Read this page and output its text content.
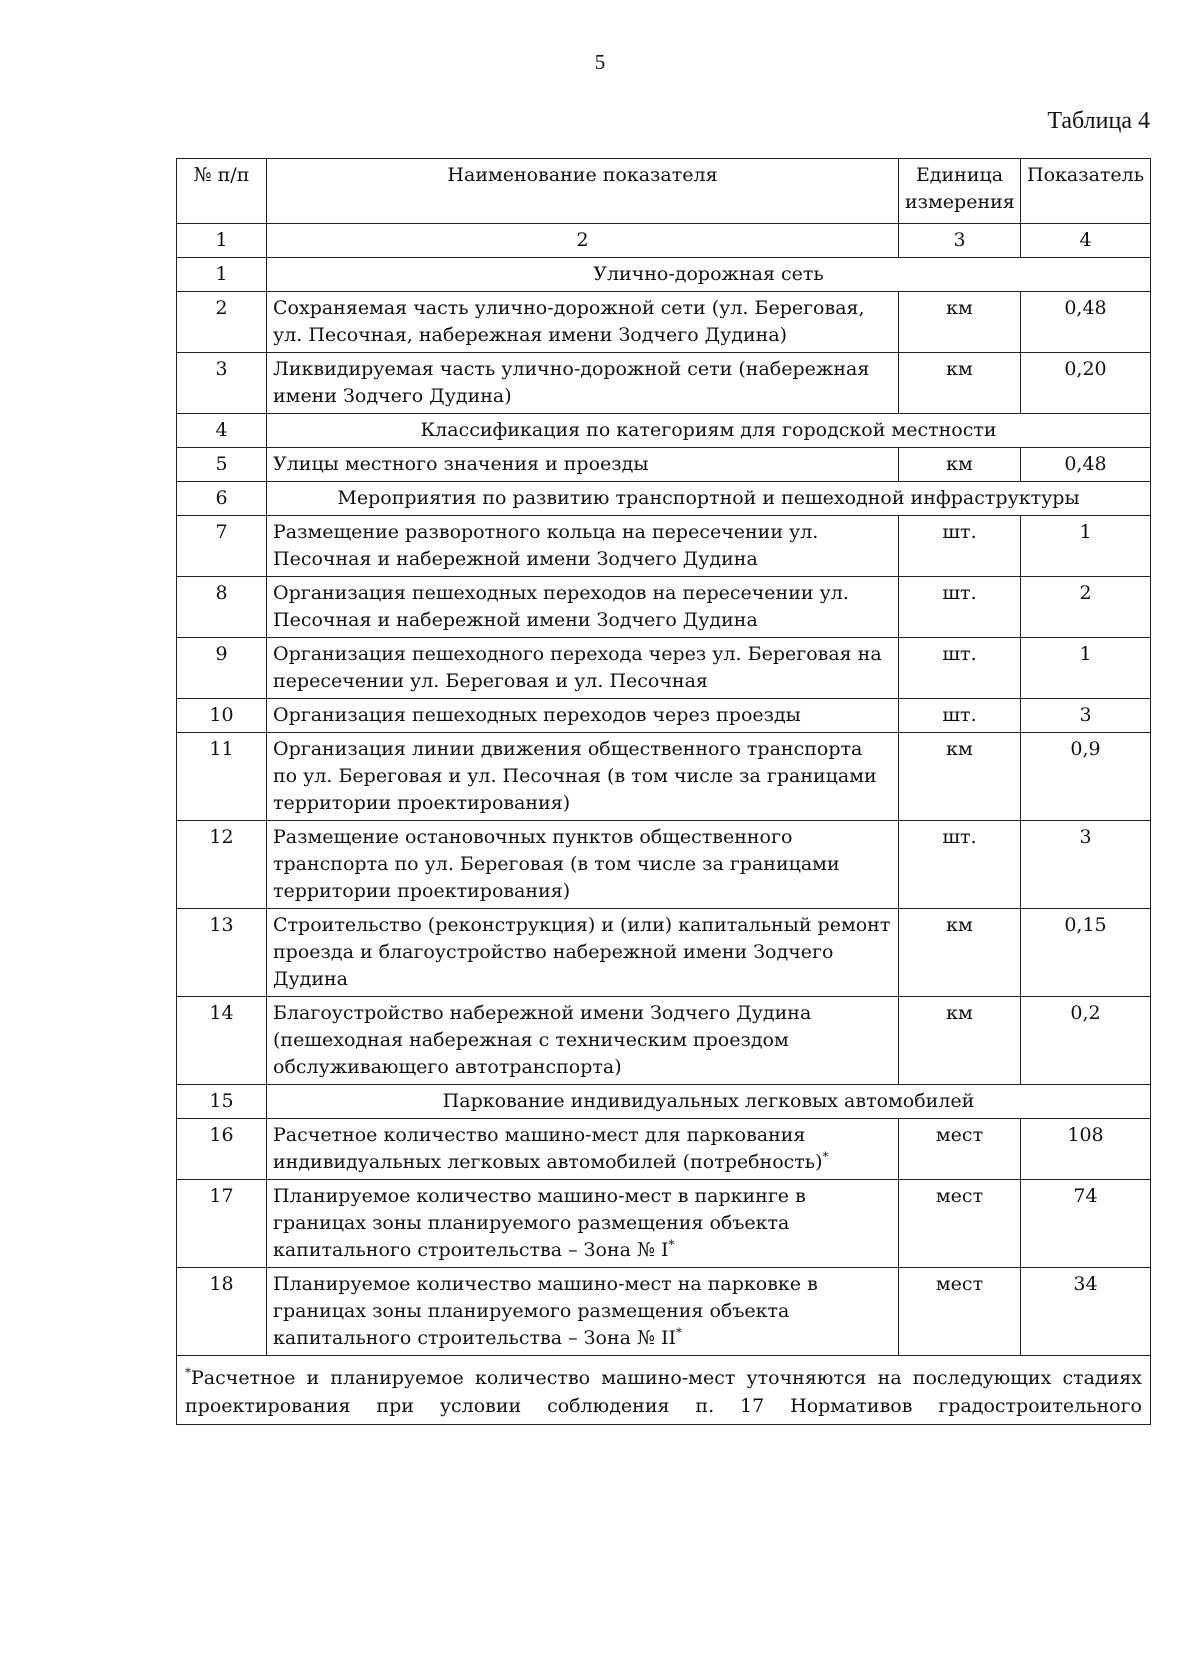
5
Таблица 4
№ п/п	Наименование показателя	Единица измерения	Показатель
1	2	3	4
1	Улично-дорожная сеть		
2	Сохраняемая часть улично-дорожной сети (ул. Береговая, ул. Песочная, набережная имени Зодчего Дудина)	км	0,48
3	Ликвидируемая часть улично-дорожной сети (набережная имени Зодчего Дудина)	км	0,20
4	Классификация по категориям для городской местности		
5	Улицы местного значения и проезды	км	0,48
6	Мероприятия по развитию транспортной и пешеходной инфраструктуры		
7	Размещение разворотного кольца на пересечении ул. Песочная и набережной имени Зодчего Дудина	шт.	1
8	Организация пешеходных переходов на пересечении ул. Песочная и набережной имени Зодчего Дудина	шт.	2
9	Организация пешеходного перехода через ул. Береговая на пересечении ул. Береговая и ул. Песочная	шт.	1
10	Организация пешеходных переходов через проезды	шт.	3
11	Организация линии движения общественного транспорта по ул. Береговая и ул. Песочная (в том числе за границами территории проектирования)	км	0,9
12	Размещение остановочных пунктов общественного транспорта по ул. Береговая (в том числе за границами территории проектирования)	шт.	3
13	Строительство (реконструкция) и (или) капитальный ремонт проезда и благоустройство набережной имени Зодчего Дудина	км	0,15
14	Благоустройство набережной имени Зодчего Дудина (пешеходная набережная с техническим проездом обслуживающего автотранспорта)	км	0,2
15	Паркование индивидуальных легковых автомобилей		
16	Расчетное количество машино-мест для паркования индивидуальных легковых автомобилей (потребность)*	мест	108
17	Планируемое количество машино-мест в паркинге в границах зоны планируемого размещения объекта капитального строительства – Зона № I*	мест	74
18	Планируемое количество машино-мест на парковке в границах зоны планируемого размещения объекта капитального строительства – Зона № II*	мест	34
*Расчетное и планируемое количество машино-мест уточняются на последующих стадиях проектирования при условии соблюдения п. 17 Нормативов градостроительного			
